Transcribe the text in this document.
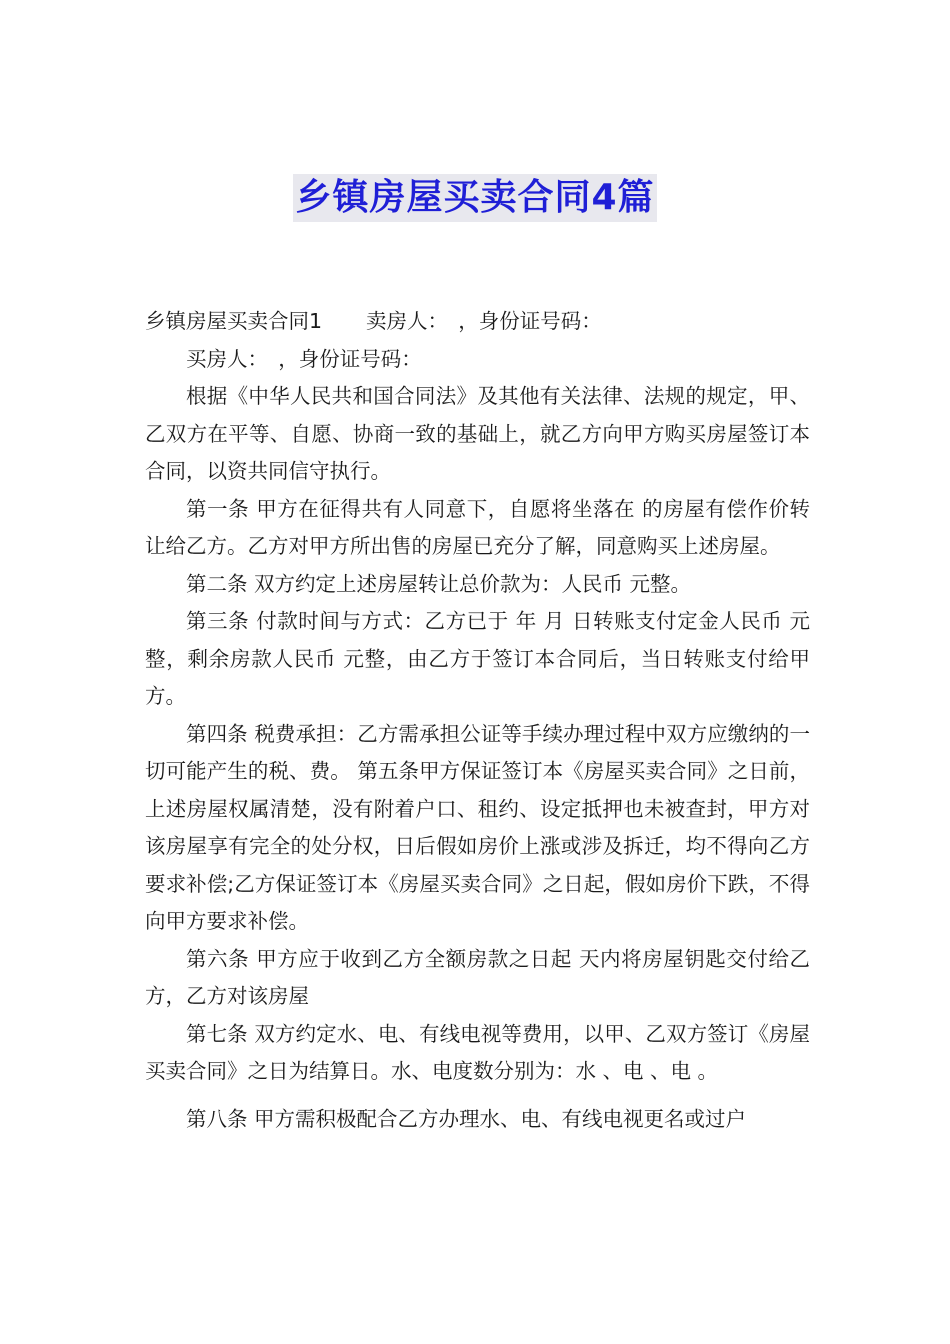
乡镇房屋买卖合同4篇

乡镇房屋买卖合同1 卖房人：　，身份证号码：

买房人：　，身份证号码：

根据《中华人民共和国合同法》及其他有关法律、法规的规定，甲、乙双方在平等、自愿、协商一致的基础上，就乙方向甲方购买房屋签订本合同，以资共同信守执行。

第一条 甲方在征得共有人同意下，自愿将坐落在 的房屋有偿作价转让给乙方。乙方对甲方所出售的房屋已充分了解，同意购买上述房屋。

第二条 双方约定上述房屋转让总价款为：人民币 元整。

第三条 付款时间与方式：乙方已于 年 月 日转账支付定金人民币 元整，剩余房款人民币 元整，由乙方于签订本合同后，当日转账支付给甲方。

第四条 税费承担：乙方需承担公证等手续办理过程中双方应缴纳的一切可能产生的税、费。 第五条甲方保证签订本《房屋买卖合同》之日前，上述房屋权属清楚，没有附着户口、租约、设定抵押也未被查封，甲方对该房屋享有完全的处分权，日后假如房价上涨或涉及拆迁，均不得向乙方要求补偿;乙方保证签订本《房屋买卖合同》之日起，假如房价下跌，不得向甲方要求补偿。

第六条 甲方应于收到乙方全额房款之日起 天内将房屋钥匙交付给乙方，乙方对该房屋

第七条 双方约定水、电、有线电视等费用，以甲、乙双方签订《房屋买卖合同》之日为结算日。水、电度数分别为：水 、电 、电 。

第八条 甲方需积极配合乙方办理水、电、有线电视更名或过户
